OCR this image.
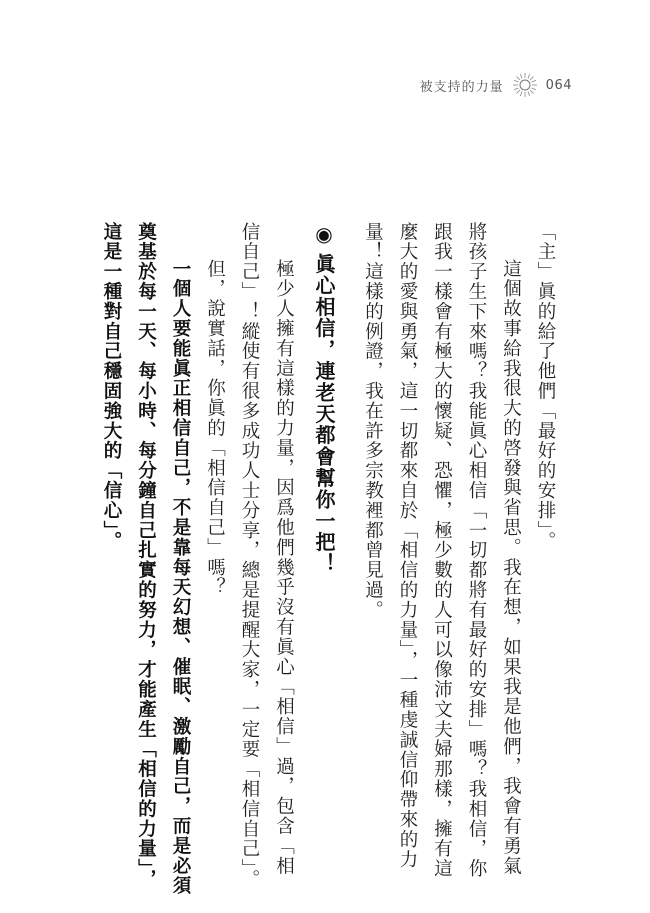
被支持的力量	064
「主」眞的給了他們「最好的安排」。
這個故事給我很大的啓發與省思。我在想，如果我是他們，我會有勇氣
將孩子生下來嗎？我能眞心相信「一切都將有最好的安排」嗎？我相信，你
跟我一樣會有極大的懷疑、恐懼，極少數的人可以像沛文夫婦那樣，擁有這
麼大的愛與勇氣，這一切都來自於「相信的力量」，一種虔誠信仰帶來的力
量！這樣的例證，我在許多宗教裡都曾見過。
◉眞心相信，連老天都會幫你一把！
極少人擁有這樣的力量，因爲他們幾乎沒有眞心「相信」過，包含「相
信自己」！縱使有很多成功人士分享，總是提醒大家，一定要「相信自己」。
但，說實話，你眞的「相信自己」嗎？
一個人要能眞正相信自己，不是靠每天幻想、催眠、激勵自己，而是必須
奠基於每一天、每小時、每分鐘自己扎實的努力，才能產生「相信的力量」，
這是一種對自己穩固強大的「信心」。
